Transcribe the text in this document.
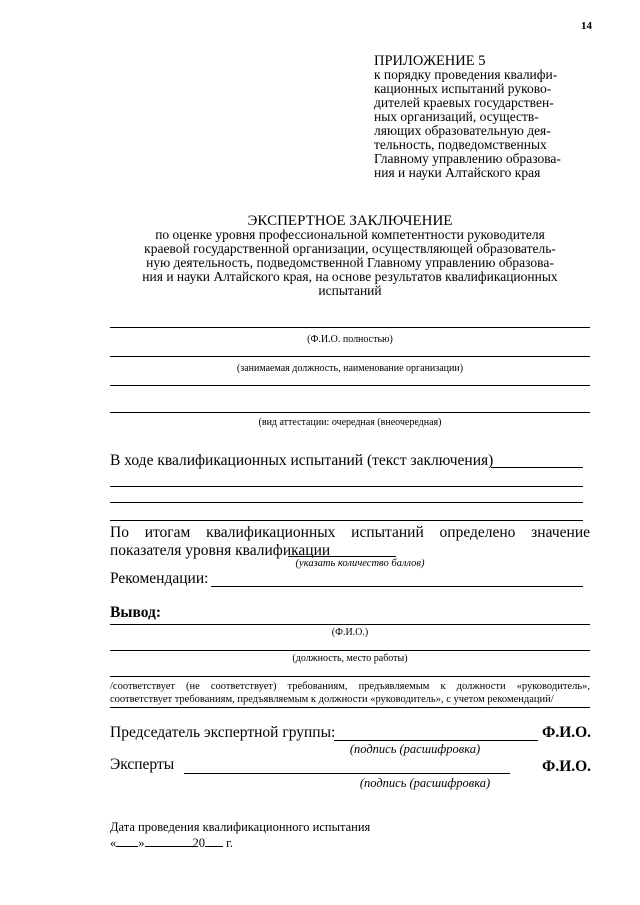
14
ПРИЛОЖЕНИЕ 5
к порядку проведения квалифи-
кационных испытаний руково-
дителей краевых государствен-
ных организаций, осуществ-
ляющих образовательную дея-
тельность, подведомственных
Главному управлению образова-
ния и науки Алтайского края
ЭКСПЕРТНОЕ ЗАКЛЮЧЕНИЕ
по оценке уровня профессиональной компетентности руководителя
краевой государственной организации, осуществляющей образователь-
ную деятельность, подведомственной Главному управлению образова-
ния и науки Алтайского края, на основе результатов квалификационных
испытаний
(Ф.И.О. полностью)
(занимаемая должность, наименование организации)
(вид аттестации: очередная (внеочередная)
В ходе квалификационных испытаний (текст заключения)
По итогам квалификационных испытаний определено значение показателя уровня квалификации
(указать количество баллов)
Рекомендации:
Вывод:
(Ф.И.О.)
(должность, место работы)
/соответствует (не соответствует) требованиям, предъявляемым к должности «руководитель», соответствует требованиям, предъявляемым к должности «руководитель», с учетом рекомендаций/
Председатель экспертной группы:	Ф.И.О.
(подпись (расшифровка)
Эксперты	Ф.И.О.
(подпись (расшифровка)
Дата проведения квалификационного испытания
« »	20 г.
